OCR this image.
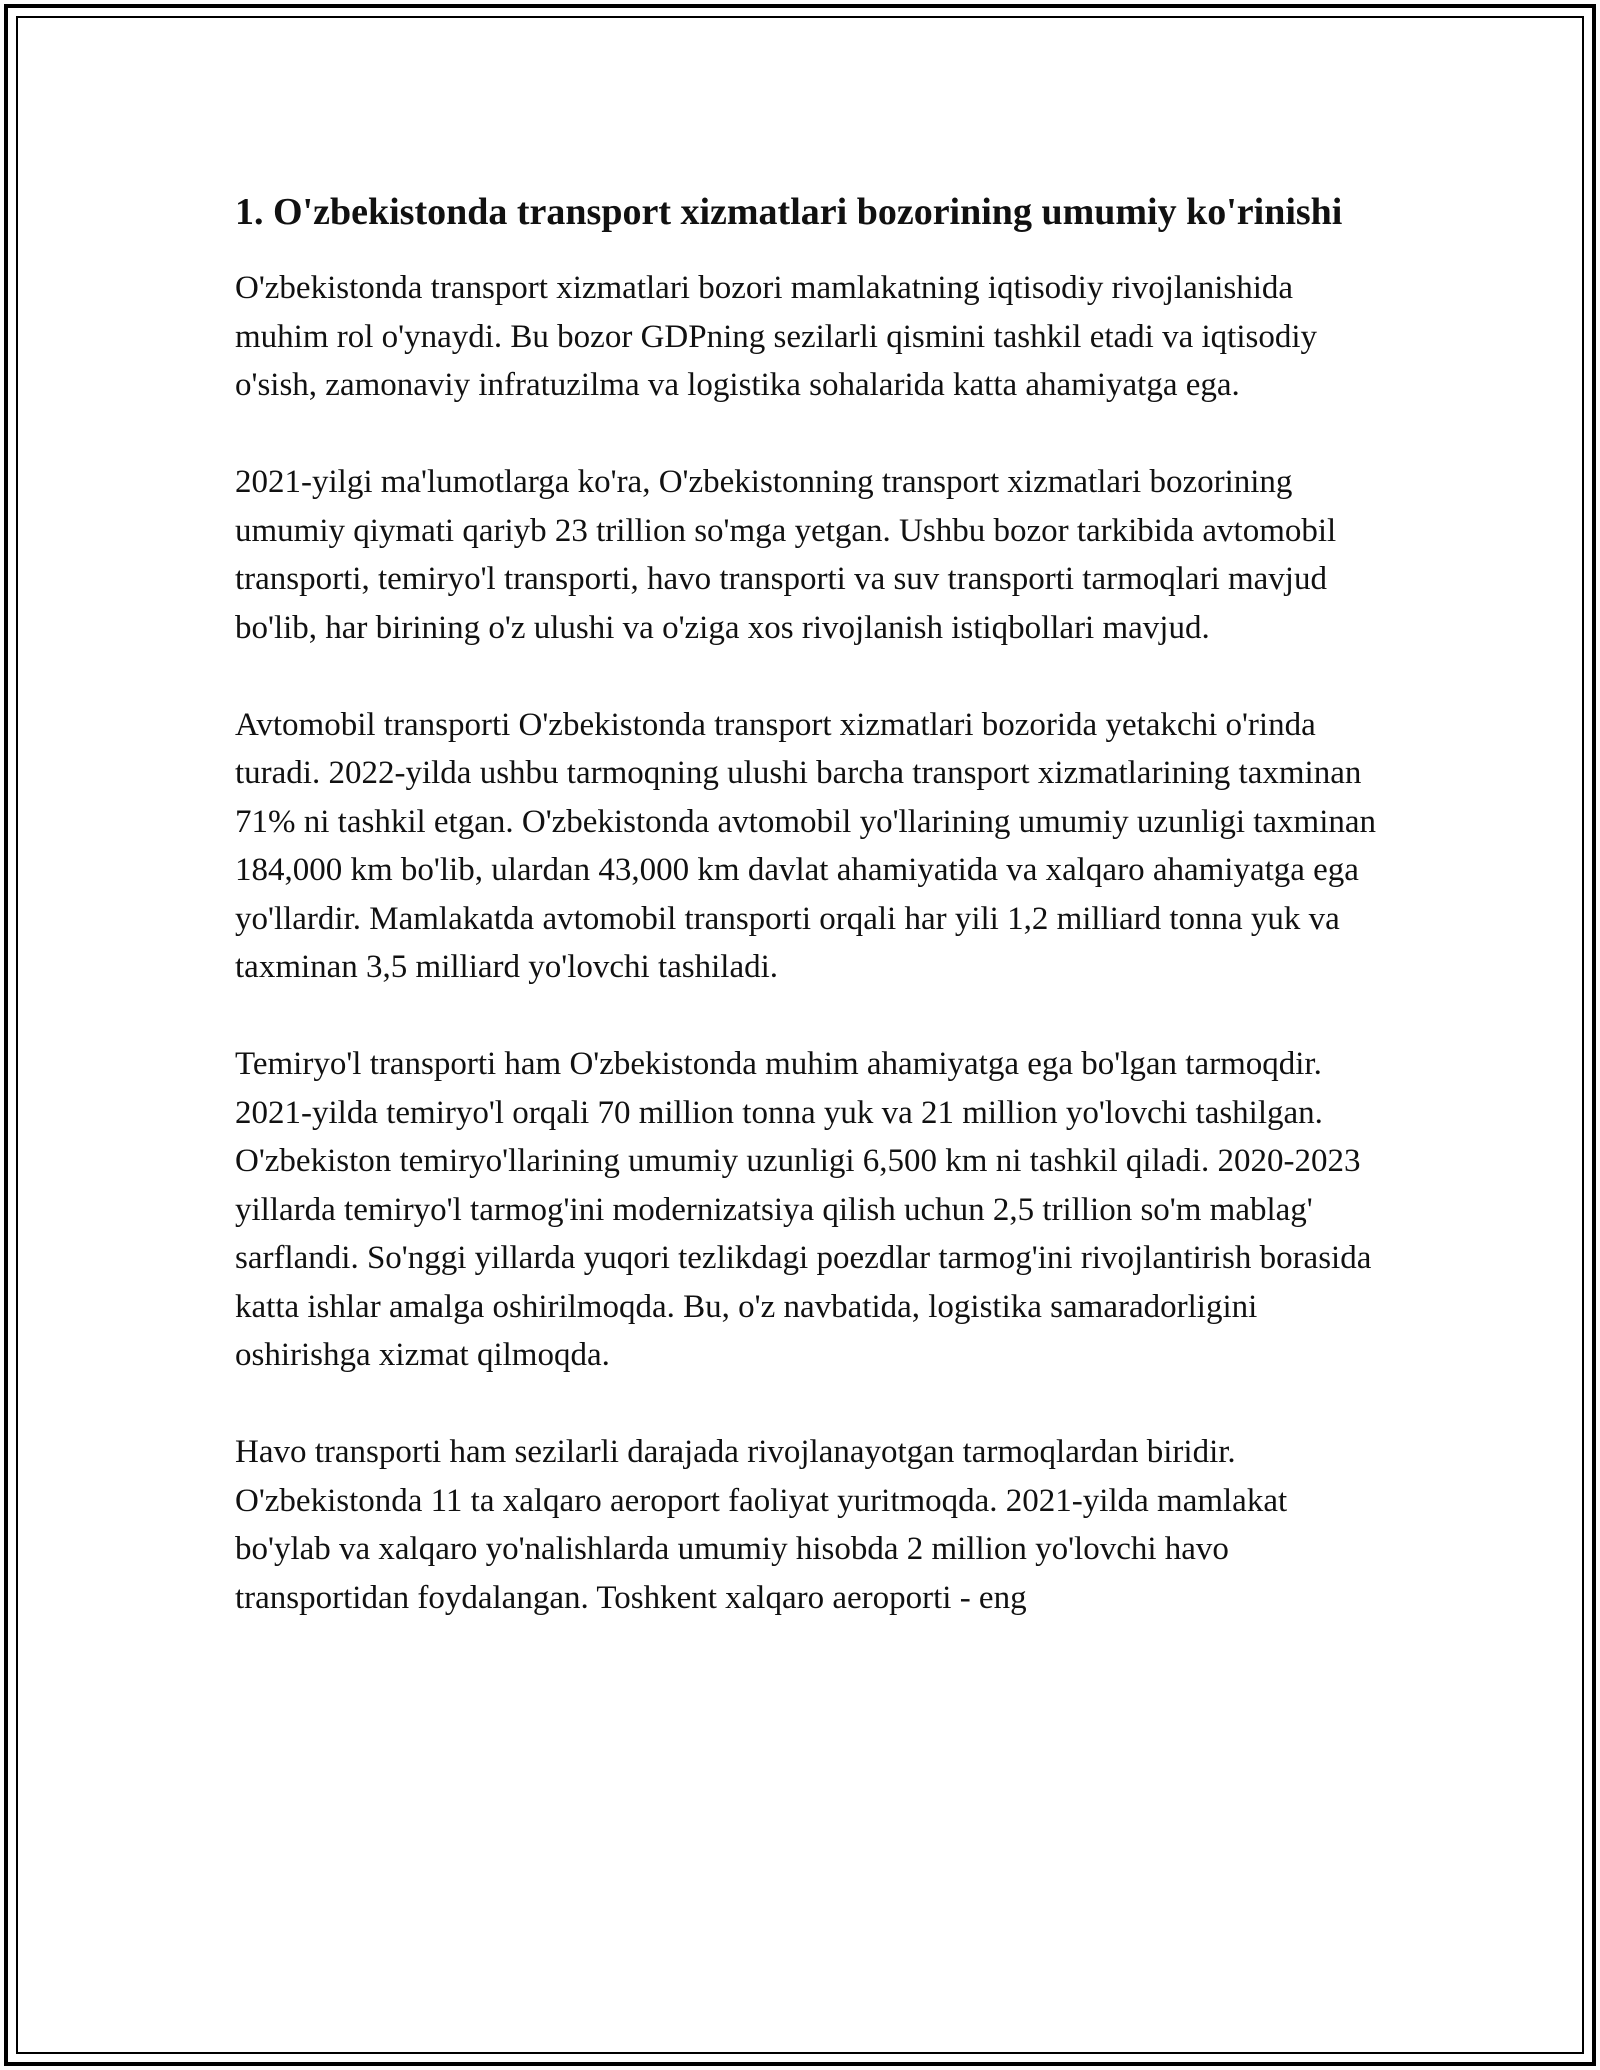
1. O'zbekistonda transport xizmatlari bozorining umumiy ko'rinishi

O'zbekistonda transport xizmatlari bozori mamlakatning iqtisodiy rivojlanishida muhim rol o'ynaydi. Bu bozor GDPning sezilarli qismini tashkil etadi va iqtisodiy o'sish, zamonaviy infratuzilma va logistika sohalarida katta ahamiyatga ega.

2021-yilgi ma'lumotlarga ko'ra, O'zbekistonning transport xizmatlari bozorining umumiy qiymati qariyb 23 trillion so'mga yetgan. Ushbu bozor tarkibida avtomobil transporti, temiryo'l transporti, havo transporti va suv transporti tarmoqlari mavjud bo'lib, har birining o'z ulushi va o'ziga xos rivojlanish istiqbollari mavjud.

Avtomobil transporti O'zbekistonda transport xizmatlari bozorida yetakchi o'rinda turadi. 2022-yilda ushbu tarmoqning ulushi barcha transport xizmatlarining taxminan 71% ni tashkil etgan. O'zbekistonda avtomobil yo'llarining umumiy uzunligi taxminan 184,000 km bo'lib, ulardan 43,000 km davlat ahamiyatida va xalqaro ahamiyatga ega yo'llardir. Mamlakatda avtomobil transporti orqali har yili 1,2 milliard tonna yuk va taxminan 3,5 milliard yo'lovchi tashiladi.

Temiryo'l transporti ham O'zbekistonda muhim ahamiyatga ega bo'lgan tarmoqdir. 2021-yilda temiryo'l orqali 70 million tonna yuk va 21 million yo'lovchi tashilgan. O'zbekiston temiryo'llarining umumiy uzunligi 6,500 km ni tashkil qiladi. 2020-2023 yillarda temiryo'l tarmog'ini modernizatsiya qilish uchun 2,5 trillion so'm mablag' sarflandi. So'nggi yillarda yuqori tezlikdagi poezdlar tarmog'ini rivojlantirish borasida katta ishlar amalga oshirilmoqda. Bu, o'z navbatida, logistika samaradorligini oshirishga xizmat qilmoqda.

Havo transporti ham sezilarli darajada rivojlanayotgan tarmoqlardan biridir. O'zbekistonda 11 ta xalqaro aeroport faoliyat yuritmoqda. 2021-yilda mamlakat bo'ylab va xalqaro yo'nalishlarda umumiy hisobda 2 million yo'lovchi havo transportidan foydalangan. Toshkent xalqaro aeroporti - eng
